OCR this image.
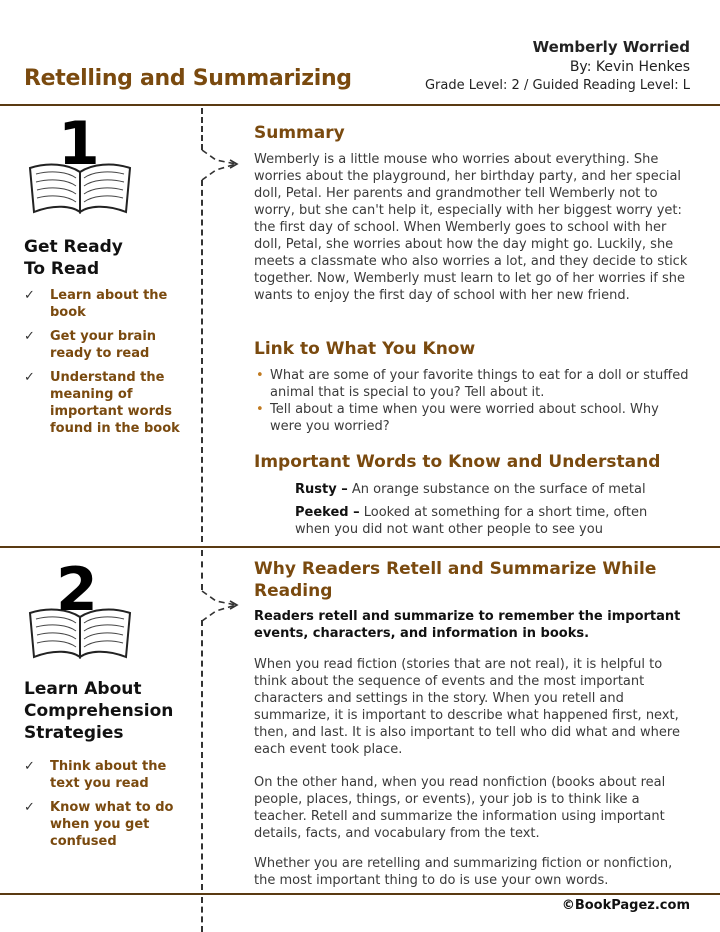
Retelling and Summarizing
Wemberly Worried
By: Kevin Henkes
Grade Level: 2 / Guided Reading Level: L
1
Get Ready
To Read
✓ Learn about the book
✓ Get your brain ready to read
✓ Understand the meaning of important words found in the book
Summary
Wemberly is a little mouse who worries about everything. She worries about the playground, her birthday party, and her special doll, Petal. Her parents and grandmother tell Wemberly not to worry, but she can't help it, especially with her biggest worry yet: the first day of school. When Wemberly goes to school with her doll, Petal, she worries about how the day might go. Luckily, she meets a classmate who also worries a lot, and they decide to stick together. Now, Wemberly must learn to let go of her worries if she wants to enjoy the first day of school with her new friend.
Link to What You Know
• What are some of your favorite things to eat for a doll or stuffed animal that is special to you? Tell about it.
• Tell about a time when you were worried about school. Why were you worried?
Important Words to Know and Understand
Rusty – An orange substance on the surface of metal
Peeked – Looked at something for a short time, often when you did not want other people to see you
2
Learn About
Comprehension
Strategies
✓ Think about the text you read
✓ Know what to do when you get confused
Why Readers Retell and Summarize While
Reading
Readers retell and summarize to remember the important events, characters, and information in books.
When you read fiction (stories that are not real), it is helpful to think about the sequence of events and the most important characters and settings in the story. When you retell and summarize, it is important to describe what happened first, next, then, and last. It is also important to tell who did what and where each event took place.
On the other hand, when you read nonfiction (books about real people, places, things, or events), your job is to think like a teacher. Retell and summarize the information using important details, facts, and vocabulary from the text.
Whether you are retelling and summarizing fiction or nonfiction, the most important thing to do is use your own words.
©BookPagez.com
